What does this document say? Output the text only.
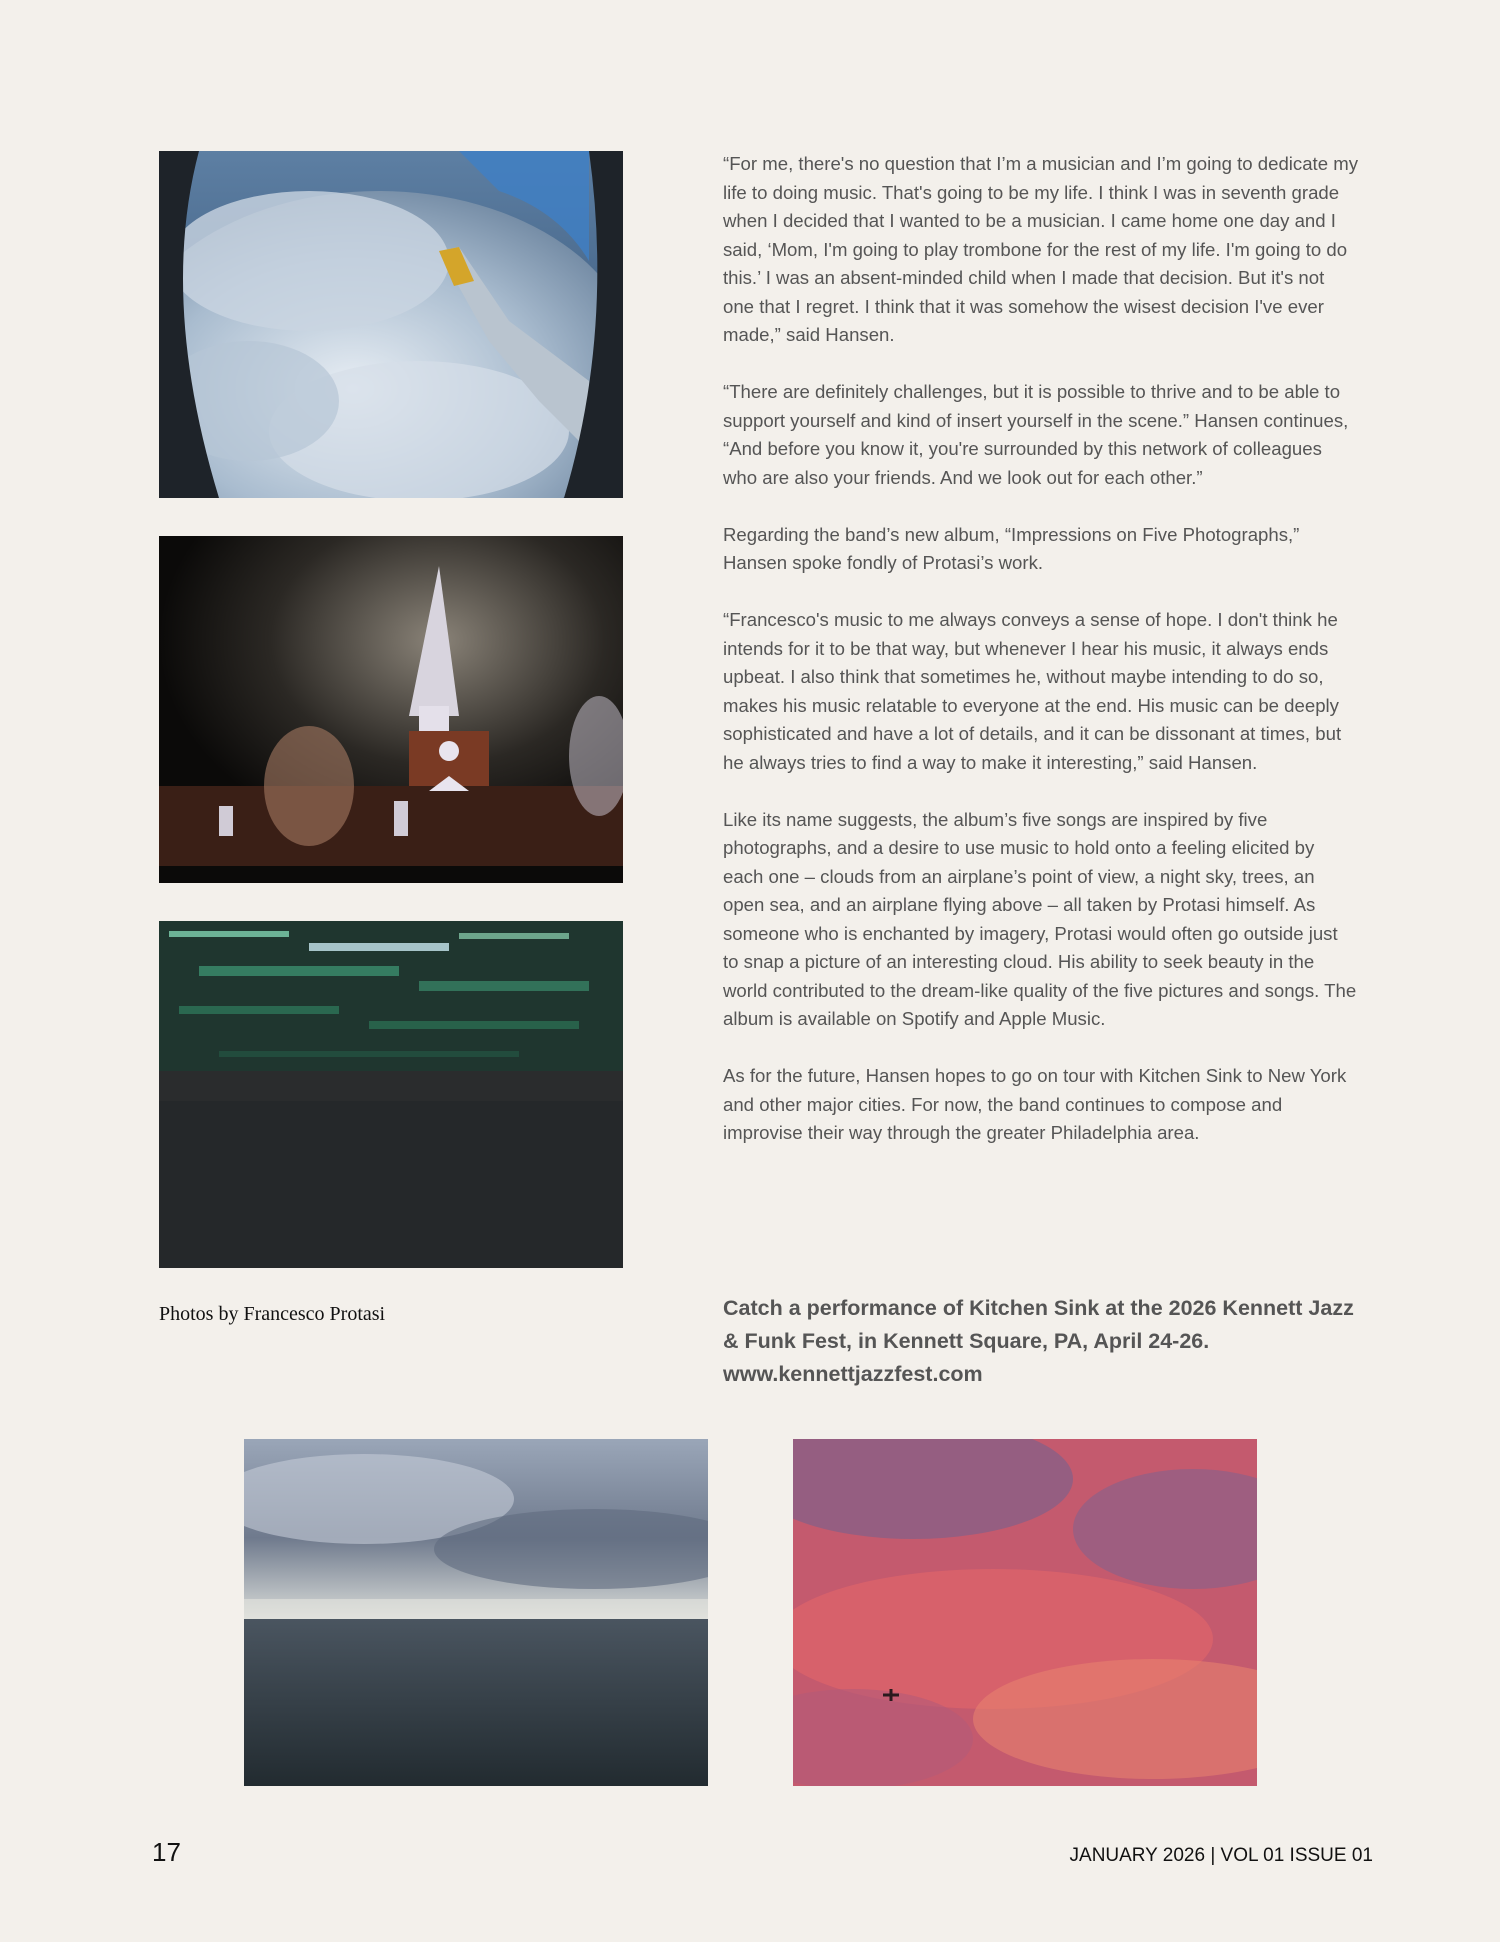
Photos by Francesco Protasi

“For me, there's no question that I’m a musician and I’m going to dedicate my life to doing music. That's going to be my life. I think I was in seventh grade when I decided that I wanted to be a musician. I came home one day and I said, ‘Mom, I'm going to play trombone for the rest of my life. I'm going to do this.’ I was an absent-minded child when I made that decision. But it's not one that I regret. I think that it was somehow the wisest decision I've ever made,” said Hansen.

“There are definitely challenges, but it is possible to thrive and to be able to support yourself and kind of insert yourself in the scene.” Hansen continues, “And before you know it, you're surrounded by this network of colleagues who are also your friends. And we look out for each other.”

Regarding the band’s new album, “Impressions on Five Photographs,” Hansen spoke fondly of Protasi’s work.

“Francesco's music to me always conveys a sense of hope. I don't think he intends for it to be that way, but whenever I hear his music, it always ends upbeat. I also think that sometimes he, without maybe intending to do so, makes his music relatable to everyone at the end. His music can be deeply sophisticated and have a lot of details, and it can be dissonant at times, but he always tries to find a way to make it interesting,” said Hansen.

Like its name suggests, the album’s five songs are inspired by five photographs, and a desire to use music to hold onto a feeling elicited by each one – clouds from an airplane’s point of view, a night sky, trees, an open sea, and an airplane flying above – all taken by Protasi himself. As someone who is enchanted by imagery, Protasi would often go outside just to snap a picture of an interesting cloud. His ability to seek beauty in the world contributed to the dream-like quality of the five pictures and songs. The album is available on Spotify and Apple Music.

As for the future, Hansen hopes to go on tour with Kitchen Sink to New York and other major cities. For now, the band continues to compose and improvise their way through the greater Philadelphia area.

Catch a performance of Kitchen Sink at the 2026 Kennett Jazz & Funk Fest, in Kennett Square, PA, April 24-26. www.kennettjazzfest.com
17	JANUARY 2026 | VOL 01 ISSUE 01
